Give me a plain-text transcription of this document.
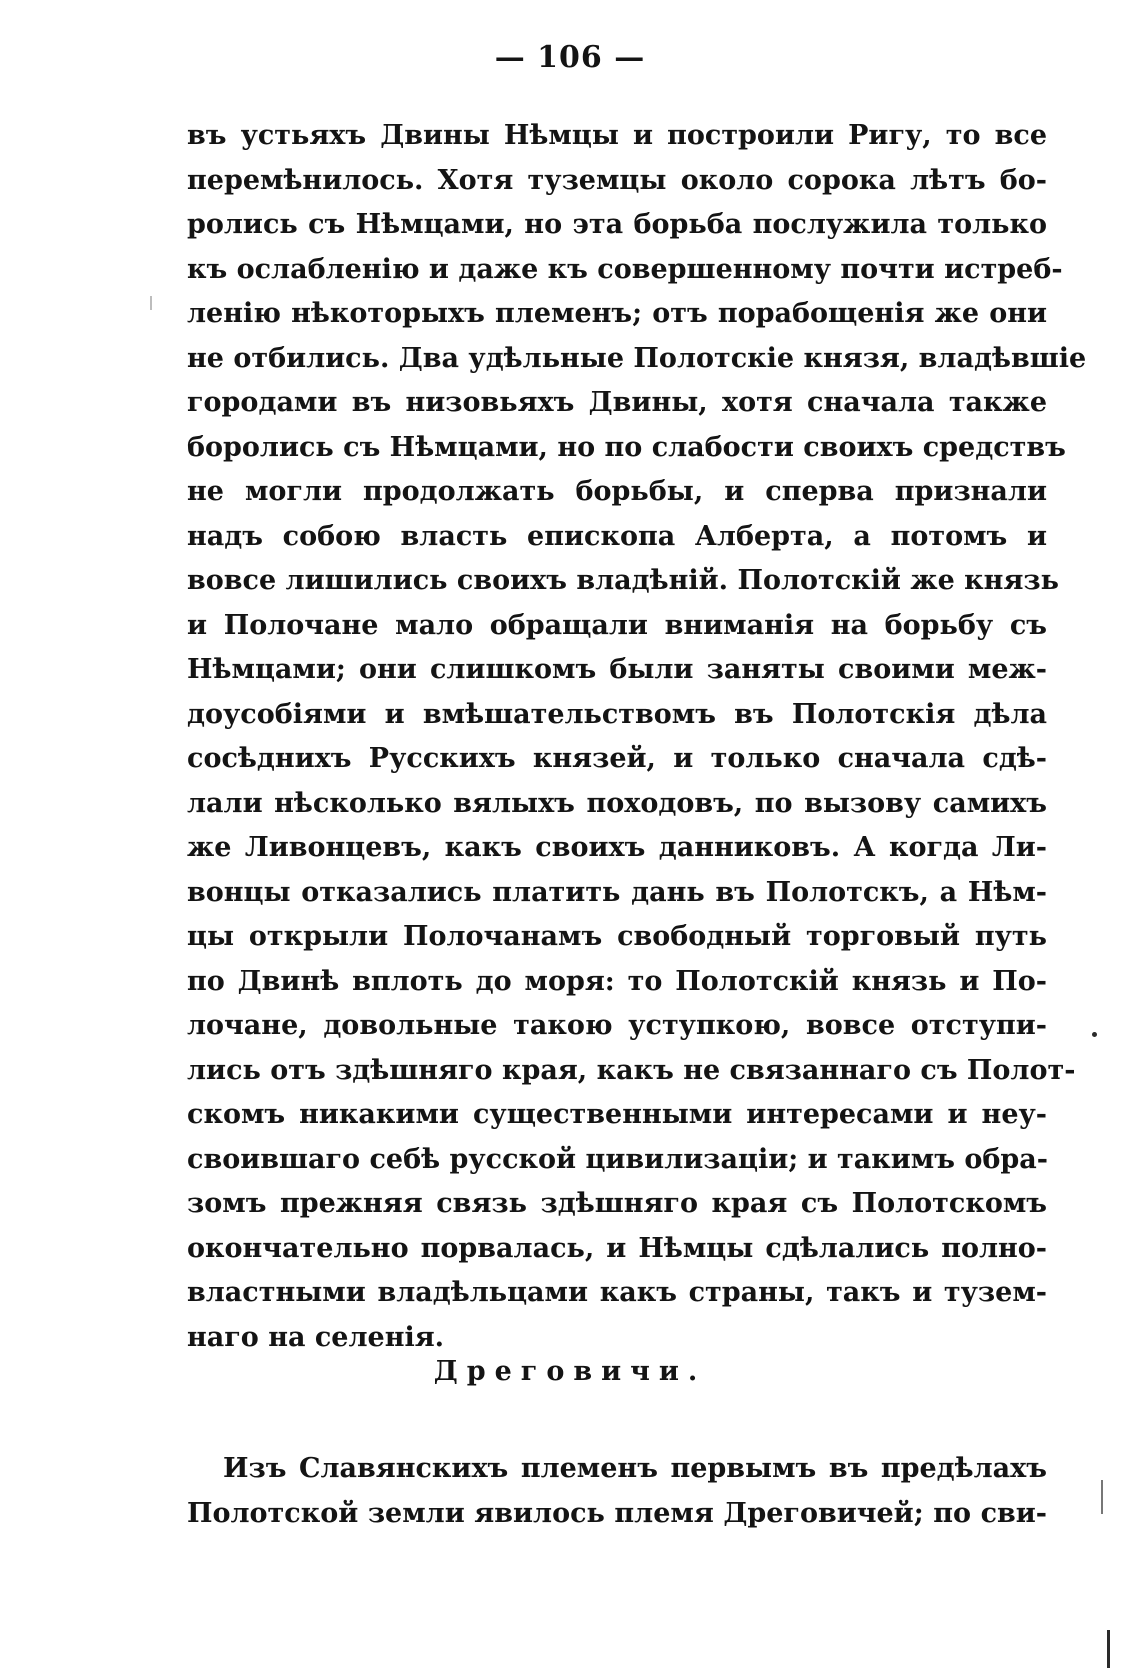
— 106 —
въ устьяхъ Двины Нѣмцы и построили Ригу, то все
перемѣнилось. Хотя туземцы около сорока лѣтъ бо-
ролись съ Нѣмцами, но эта борьба послужила только
къ ослабленію и даже къ совершенному почти истреб-
ленію нѣкоторыхъ племенъ; отъ порабощенія же они
не отбились. Два удѣльные Полотскіе князя, владѣвшіе
городами въ низовьяхъ Двины, хотя сначала также
боролись съ Нѣмцами, но по слабости своихъ средствъ
не могли продолжать борьбы, и сперва признали
надъ собою власть епископа Алберта, а потомъ и
вовсе лишились своихъ владѣній. Полотскій же князь
и Полочане мало обращали вниманія на борьбу съ
Нѣмцами; они слишкомъ были заняты своими меж-
доусобіями и вмѣшательствомъ въ Полотскія дѣла
сосѣднихъ Русскихъ князей, и только сначала сдѣ-
лали нѣсколько вялыхъ походовъ, по вызову самихъ
же Ливонцевъ, какъ своихъ данниковъ. А когда Ли-
вонцы отказались платить дань въ Полотскъ, а Нѣм-
цы открыли Полочанамъ свободный торговый путь
по Двинѣ вплоть до моря: то Полотскій князь и По-
лочане, довольные такою уступкою, вовсе отступи-
лись отъ здѣшняго края, какъ не связаннаго съ Полот-
скомъ никакими существенными интересами и неу-
своившаго себѣ русской цивилизаціи; и такимъ обра-
зомъ прежняя связь здѣшняго края съ Полотскомъ
окончательно порвалась, и Нѣмцы сдѣлались полно-
властными владѣльцами какъ страны, такъ и тузем-
наго на селенія.
Дреговичи.
Изъ Славянскихъ племенъ первымъ въ предѣлахъ
Полотской земли явилось племя Дреговичей; по сви-
